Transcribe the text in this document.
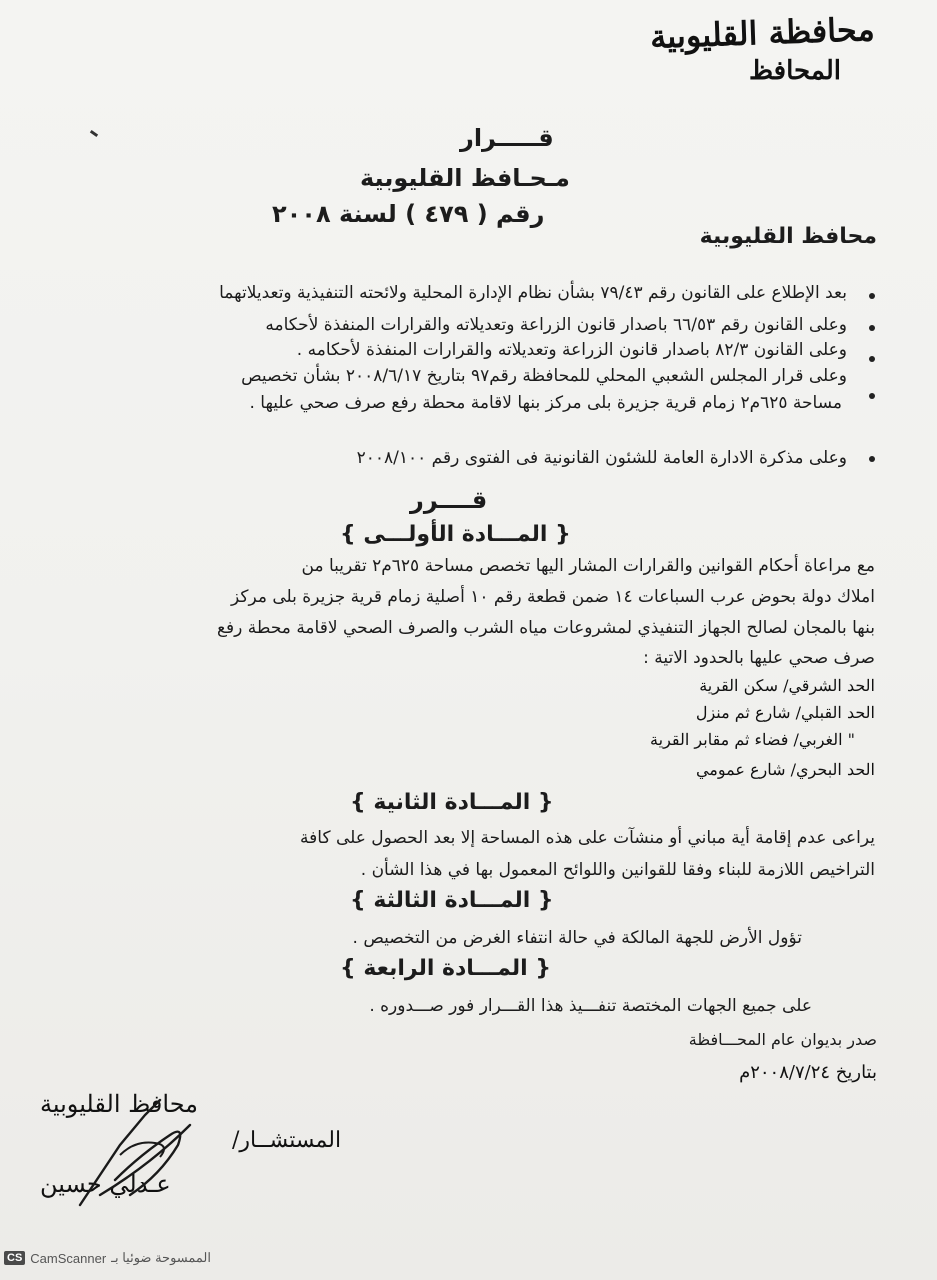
محافظة القليوبية
المحافظ
قـــــرار
مـحـافظ القليوبية
رقم ( ٤٧٩ ) لسنة ٢٠٠٨
محافظ القليوبية
بعد الإطلاع على القانون رقم ٧٩/٤٣ بشأن نظام الإدارة المحلية ولائحته التنفيذية وتعديلاتهما
وعلى القانون رقم ٦٦/٥٣ باصدار قانون الزراعة وتعديلاته والقرارات المنفذة لأحكامه
وعلى القانون ٨٢/٣ باصدار قانون الزراعة وتعديلاته والقرارات المنفذة لأحكامه .
وعلى قرار المجلس الشعبي المحلي للمحافظة رقم٩٧ بتاريخ ٢٠٠٨/٦/١٧ بشأن تخصيص
مساحة ٦٢٥م٢ زمام قرية جزيرة بلى مركز بنها لاقامة محطة رفع صرف صحي عليها .
وعلى مذكرة الادارة العامة للشئون القانونية فى الفتوى رقم ٢٠٠٨/١٠٠
قــــرر
{ المـــادة الأولـــى }
مع مراعاة أحكام القوانين والقرارات المشار اليها تخصص مساحة ٦٢٥م٢ تقريبا من
املاك دولة بحوض عرب السباعات ١٤ ضمن قطعة رقم ١٠ أصلية زمام قرية جزيرة بلى مركز
بنها بالمجان لصالح الجهاز التنفيذي لمشروعات مياه الشرب والصرف الصحي لاقامة محطة رفع
صرف صحي عليها بالحدود الاتية :
الحد الشرقي/ سكن القرية
الحد القبلي/ شارع ثم منزل
" الغربي/ فضاء ثم مقابر القرية
الحد البحري/ شارع عمومي
{ المـــادة الثانية }
يراعى عدم إقامة أية مباني أو منشآت على هذه المساحة إلا بعد الحصول على كافة
التراخيص اللازمة للبناء وفقا للقوانين واللوائح المعمول بها في هذا الشأن .
{ المـــادة الثالثة }
تؤول الأرض للجهة المالكة في حالة انتفاء الغرض من التخصيص .
{ المـــادة الرابعة }
على جميع الجهات المختصة تنفـــيذ هذا القـــرار فور صـــدوره .
صدر بديوان عام المحـــافظة
بتاريخ ٢٠٠٨/٧/٢٤م
محافظ القليوبية
المستشــار/
عـدلي حسين
CS CamScanner الممسوحة ضوئيا بـ
